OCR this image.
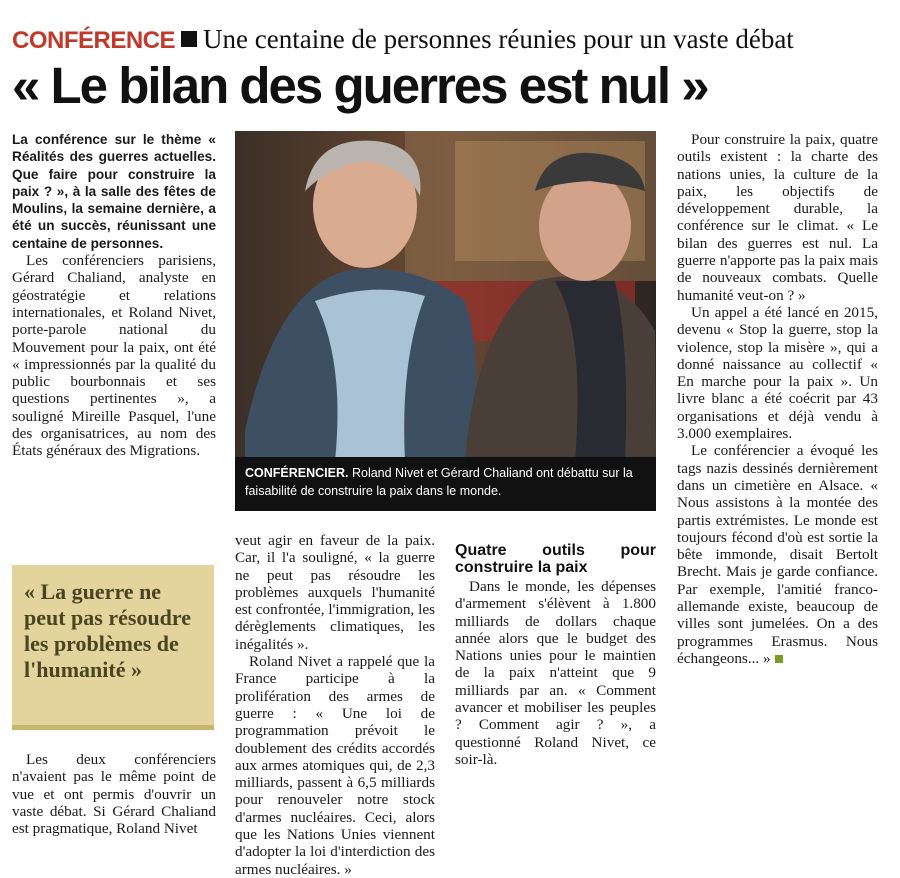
CONFÉRENCE Une centaine de personnes réunies pour un vaste débat
« Le bilan des guerres est nul »
La conférence sur le thème « Réalités des guerres actuelles. Que faire pour construire la paix ? », à la salle des fêtes de Moulins, la semaine dernière, a été un succès, réunissant une centaine de personnes.

Les conférenciers parisiens, Gérard Chaliand, analyste en géostratégie et relations internationales, et Roland Nivet, porte-parole national du Mouvement pour la paix, ont été « impressionnés par la qualité du public bourbonnais et ses questions pertinentes », a souligné Mireille Pasquel, l'une des organisatrices, au nom des États généraux des Migrations.

« La guerre ne peut pas résoudre les problèmes de l'humanité »

Les deux conférenciers n'avaient pas le même point de vue et ont permis d'ouvrir un vaste débat. Si Gérard Chaliand est pragmatique, Roland Nivet

CONFÉRENCIER. Roland Nivet et Gérard Chaliand ont débattu sur la faisabilité de construire la paix dans le monde.

veut agir en faveur de la paix. Car, il l'a souligné, « la guerre ne peut pas résoudre les problèmes auxquels l'humanité est confrontée, l'immigration, les dérèglements climatiques, les inégalités ».

Roland Nivet a rappelé que la France participe à la prolifération des armes de guerre : « Une loi de programmation prévoit le doublement des crédits accordés aux armes atomiques qui, de 2,3 milliards, passent à 6,5 milliards pour renouveler notre stock d'armes nucléaires. Ceci, alors que les Nations Unies viennent d'adopter la loi d'interdiction des armes nucléaires. »

Quatre outils pour construire la paix

Dans le monde, les dépenses d'armement s'élèvent à 1.800 milliards de dollars chaque année alors que le budget des Nations unies pour le maintien de la paix n'atteint que 9 milliards par an. « Comment avancer et mobiliser les peuples ? Comment agir ? », a questionné Roland Nivet, ce soir-là.

Pour construire la paix, quatre outils existent : la charte des nations unies, la culture de la paix, les objectifs de développement durable, la conférence sur le climat. « Le bilan des guerres est nul. La guerre n'apporte pas la paix mais de nouveaux combats. Quelle humanité veut-on ? »

Un appel a été lancé en 2015, devenu « Stop la guerre, stop la violence, stop la misère », qui a donné naissance au collectif « En marche pour la paix ». Un livre blanc a été coécrit par 43 organisations et déjà vendu à 3.000 exemplaires.

Le conférencier a évoqué les tags nazis dessinés dernièrement dans un cimetière en Alsace. « Nous assistons à la montée des partis extrémistes. Le monde est toujours fécond d'où est sortie la bête immonde, disait Bertolt Brecht. Mais je garde confiance. Par exemple, l'amitié franco-allemande existe, beaucoup de villes sont jumelées. On a des programmes Erasmus. Nous échangeons... »
